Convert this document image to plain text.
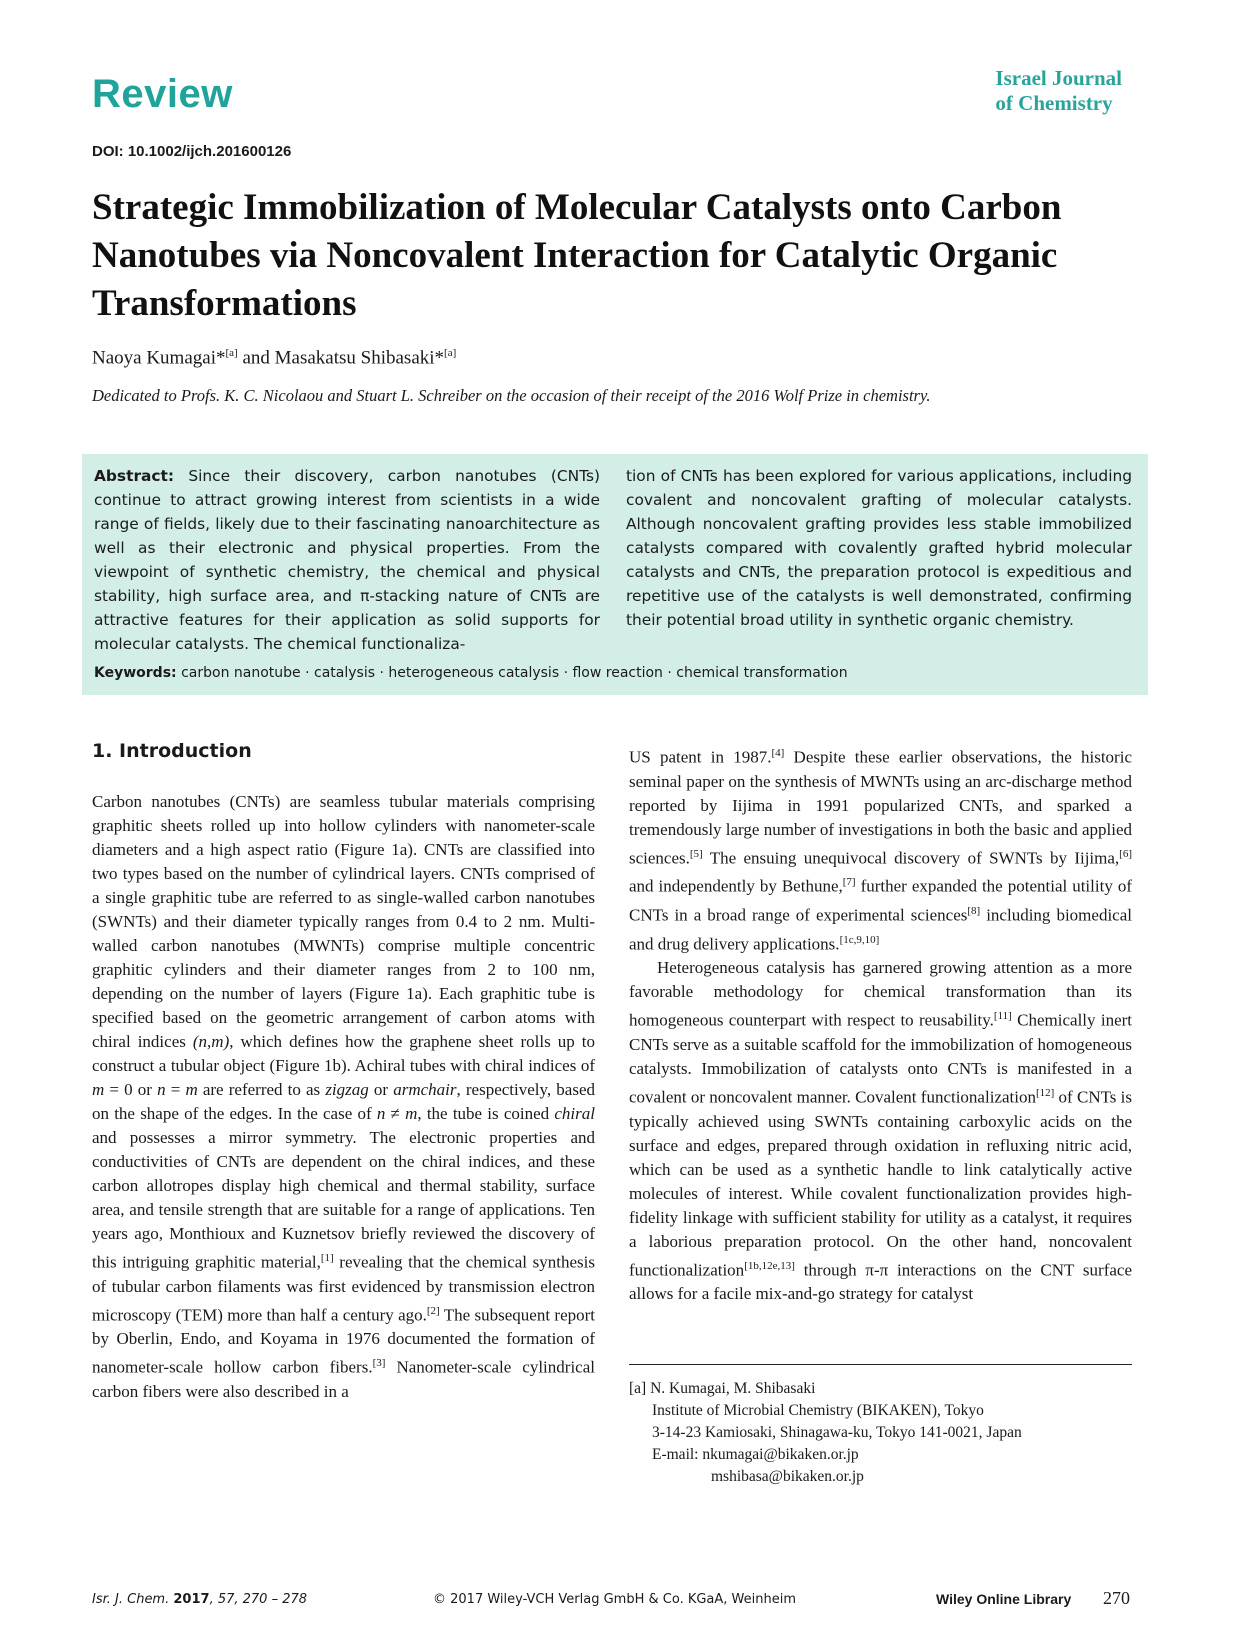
Review	Israel Journal
of Chemistry
DOI: 10.1002/ijch.201600126
Strategic Immobilization of Molecular Catalysts onto Carbon Nanotubes via Noncovalent Interaction for Catalytic Organic Transformations
Naoya Kumagai*[a] and Masakatsu Shibasaki*[a]
Dedicated to Profs. K. C. Nicolaou and Stuart L. Schreiber on the occasion of their receipt of the 2016 Wolf Prize in chemistry.
Abstract: Since their discovery, carbon nanotubes (CNTs) continue to attract growing interest from scientists in a wide range of fields, likely due to their fascinating nanoarchitecture as well as their electronic and physical properties. From the viewpoint of synthetic chemistry, the chemical and physical stability, high surface area, and π-stacking nature of CNTs are attractive features for their application as solid supports for molecular catalysts. The chemical functionaliza-
tion of CNTs has been explored for various applications, including covalent and noncovalent grafting of molecular catalysts. Although noncovalent grafting provides less stable immobilized catalysts compared with covalently grafted hybrid molecular catalysts and CNTs, the preparation protocol is expeditious and repetitive use of the catalysts is well demonstrated, confirming their potential broad utility in synthetic organic chemistry.
Keywords: carbon nanotube · catalysis · heterogeneous catalysis · flow reaction · chemical transformation
1. Introduction

Carbon nanotubes (CNTs) are seamless tubular materials comprising graphitic sheets rolled up into hollow cylinders with nanometer-scale diameters and a high aspect ratio (Figure 1a). CNTs are classified into two types based on the number of cylindrical layers. CNTs comprised of a single graphitic tube are referred to as single-walled carbon nanotubes (SWNTs) and their diameter typically ranges from 0.4 to 2 nm. Multi-walled carbon nanotubes (MWNTs) comprise multiple concentric graphitic cylinders and their diameter ranges from 2 to 100 nm, depending on the number of layers (Figure 1a). Each graphitic tube is specified based on the geometric arrangement of carbon atoms with chiral indices (n,m), which defines how the graphene sheet rolls up to construct a tubular object (Figure 1b). Achiral tubes with chiral indices of m = 0 or n = m are referred to as zigzag or armchair, respectively, based on the shape of the edges. In the case of n ≠ m, the tube is coined chiral and possesses a mirror symmetry. The electronic properties and conductivities of CNTs are dependent on the chiral indices, and these carbon allotropes display high chemical and thermal stability, surface area, and tensile strength that are suitable for a range of applications. Ten years ago, Monthioux and Kuznetsov briefly reviewed the discovery of this intriguing graphitic material,[1] revealing that the chemical synthesis of tubular carbon filaments was first evidenced by transmission electron microscopy (TEM) more than half a century ago.[2] The subsequent report by Oberlin, Endo, and Koyama in 1976 documented the formation of nanometer-scale hollow carbon fibers.[3] Nanometer-scale cylindrical carbon fibers were also described in a

US patent in 1987.[4] Despite these earlier observations, the historic seminal paper on the synthesis of MWNTs using an arc-discharge method reported by Iijima in 1991 popularized CNTs, and sparked a tremendously large number of investigations in both the basic and applied sciences.[5] The ensuing unequivocal discovery of SWNTs by Iijima,[6] and independently by Bethune,[7] further expanded the potential utility of CNTs in a broad range of experimental sciences[8] including biomedical and drug delivery applications.[1c,9,10]

Heterogeneous catalysis has garnered growing attention as a more favorable methodology for chemical transformation than its homogeneous counterpart with respect to reusability.[11] Chemically inert CNTs serve as a suitable scaffold for the immobilization of homogeneous catalysts. Immobilization of catalysts onto CNTs is manifested in a covalent or noncovalent manner. Covalent functionalization[12] of CNTs is typically achieved using SWNTs containing carboxylic acids on the surface and edges, prepared through oxidation in refluxing nitric acid, which can be used as a synthetic handle to link catalytically active molecules of interest. While covalent functionalization provides high-fidelity linkage with sufficient stability for utility as a catalyst, it requires a laborious preparation protocol. On the other hand, noncovalent functionalization[1b,12e,13] through π-π interactions on the CNT surface allows for a facile mix-and-go strategy for catalyst

[a] N. Kumagai, M. Shibasaki
Institute of Microbial Chemistry (BIKAKEN), Tokyo
3-14-23 Kamiosaki, Shinagawa-ku, Tokyo 141-0021, Japan
E-mail: nkumagai@bikaken.or.jp
mshibasa@bikaken.or.jp
Isr. J. Chem. 2017, 57, 270 – 278	© 2017 Wiley-VCH Verlag GmbH & Co. KGaA, Weinheim	Wiley Online Library 270
